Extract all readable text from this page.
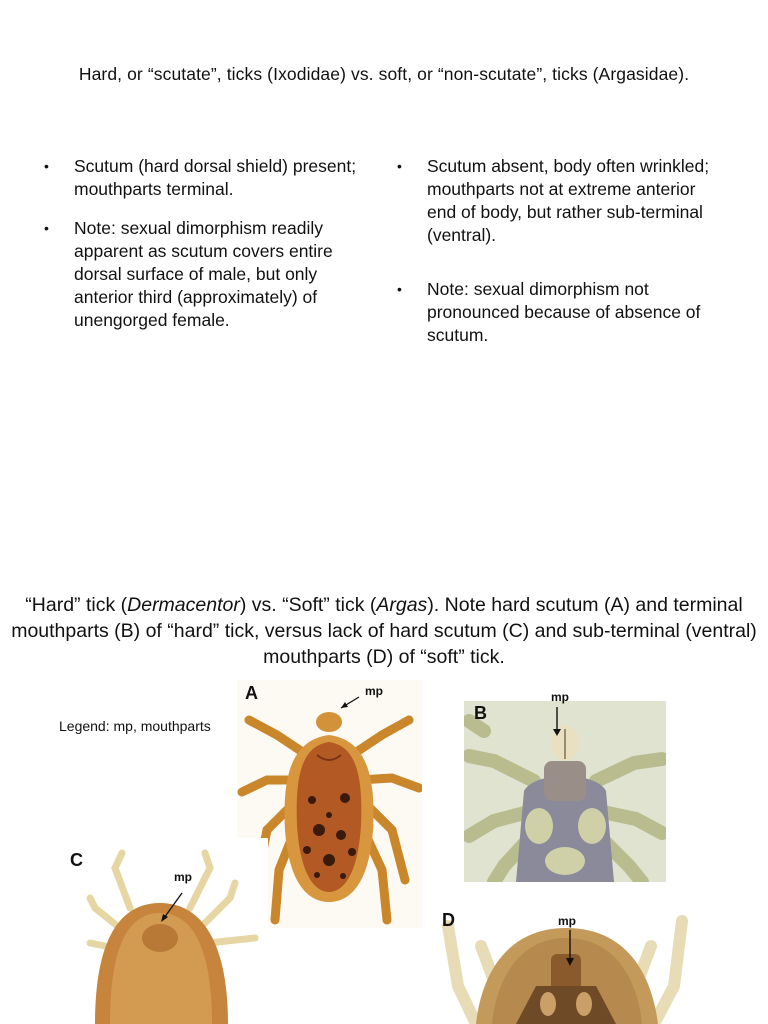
Hard, or “scutate”, ticks (Ixodidae) vs. soft, or “non-scutate”, ticks (Argasidae).
•	Scutum (hard dorsal shield) present; mouthparts terminal.
•	Note: sexual dimorphism readily apparent as scutum covers entire dorsal surface of male, but only anterior third (approximately) of unengorged female.
•	Scutum absent, body often wrinkled; mouthparts not at extreme anterior end of body, but rather sub-terminal (ventral).
•	Note: sexual dimorphism not pronounced because of absence of scutum.
“Hard” tick (Dermacentor) vs. “Soft” tick (Argas). Note hard scutum (A) and terminal mouthparts (B) of “hard” tick, versus lack of hard scutum (C) and sub-terminal (ventral) mouthparts (D) of “soft” tick.
Legend: mp, mouthparts
A	mp
B
mp
C
mp
D	mp
